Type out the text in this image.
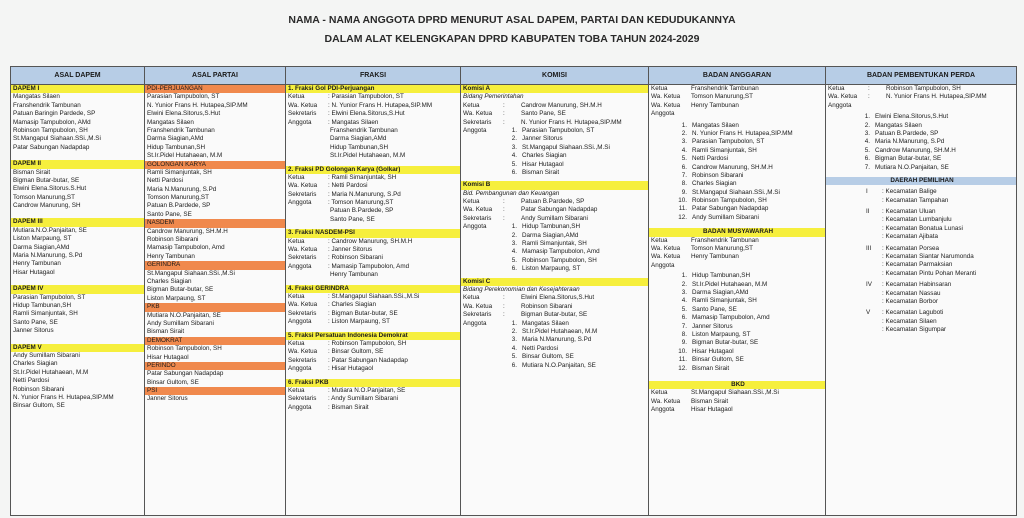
NAMA - NAMA ANGGOTA DPRD MENURUT ASAL DAPEM, PARTAI DAN KEDUDUKANNYA
DALAM ALAT KELENGKAPAN DPRD KABUPATEN TOBA TAHUN 2024-2029
ASAL DAPEM
DAPEM I
Mangatas Silaen
Franshendrik Tambunan
Patuan Baringin Pardede, SP
Mamasip Tampubolon, AMd
Robinson Tampubolon, SH
St.Mangapul Siahaan.SSi.,M.Si
Patar Sabungan Nadapdap
DAPEM II
Bisman Sirait
Bigman Butar-butar, SE
Elwini Elena.Sitorus.S.Hut
Tomson Manurung,ST
Candrow Manurung, SH
DAPEM III
Mutiara.N.O.Panjaitan, SE
Liston Marpaung, ST
Darma Siagian,AMd
Maria N.Manurung, S.Pd
Henry Tambunan
Hisar Hutagaol
DAPEM IV
Parasian Tampubolon, ST
Hidup Tambunan,SH
Ramli Simanjuntak, SH
Santo Pane, SE
Janner Sitorus
DAPEM V
Andy Sumillam Sibarani
Charles Siagian
St.Ir.Pidel Hutahaean, M.M
Netti Pardosi
Robinson Sibarani
N. Yunior Frans H. Hutapea,SIP.MM
Binsar Gultom, SE
ASAL PARTAI
PDI-PERJUANGAN
Parasian Tampubolon, ST
N. Yunior Frans H. Hutapea,SIP.MM
Elwini Elena.Sitorus,S.Hut
Mangatas Silaen
Franshendrik Tambunan
Darma Siagian,AMd
Hidup Tambunan,SH
St.Ir.Pidel Hutahaean, M.M
GOLONGAN KARYA
Ramli Simanjuntak, SH
Netti Pardosi
Maria N.Manurung, S.Pd
Tomson Manurung,ST
Patuan B.Pardede, SP
Santo Pane, SE
NASDEM
Candrow Manurung, SH.M.H
Robinson Sibarani
Mamasip Tampubolon, Amd
Henry Tambunan
GERINDRA
St.Mangapul Siahaan.SSi.,M.Si
Charles Siagian
Bigman Butar-butar, SE
Liston Marpaung, ST
PKB
Mutiara N.O.Panjaitan, SE
Andy Sumillam Sibarani
Bisman Sirait
DEMOKRAT
Robinson Tampubolon, SH
Hisar Hutagaol
PERINDO
Patar Sabungan Nadapdap
Binsar Gultom, SE
PSI
Janner Sitorus
FRAKSI
1. Fraksi Gol PDI-Perjuangan
Ketua	: Parasian Tampubolon, ST
Wa. Ketua : N. Yunior Frans H. Hutapea,SIP.MM
Sekretaris : Elwini Elena.Sitorus,S.Hut
Anggota	: Mangatas Silaen
Franshendrik Tambunan
Darma Siagian,AMd
Hidup Tambunan,SH
St.Ir.Pidel Hutahaean, M.M
2. Fraksi PD Golongan Karya (Golkar)
Ketua	: Ramli Simanjuntak, SH
Wa. Ketua : Netti Pardosi
Sekretaris : Maria N.Manurung, S.Pd
Anggota	: Tomson Manurung,ST
Patuan B.Pardede, SP
Santo Pane, SE
3. Fraksi NASDEM-PSI
Ketua	: Candrow Manurung, SH.M.H
Wa. Ketua : Janner Sitorus
Sekretaris : Robinson Sibarani
Anggota	: Mamasip Tampubolon, Amd
Henry Tambunan
4. Fraksi GERINDRA
Ketua	: St.Mangapul Siahaan.SSi.,M.Si
Wa. Ketua : Charles Siagian
Sekretaris : Bigman Butar-butar, SE
Anggota	: Liston Marpaung, ST
5. Fraksi Persatuan Indonesia Demokrat
Ketua	: Robinson Tampubolon, SH
Wa. Ketua : Binsar Gultom, SE
Sekretaris : Patar Sabungan Nadapdap
Anggota	: Hisar Hutagaol
6. Fraksi PKB
Ketua	: Mutiara N.O.Panjaitan, SE
Sekretaris : Andy Sumillam Sibarani
Anggota	: Bisman Sirait
KOMISI
Komisi A
Bidang Pemerintahan
Ketua	:	Candrow Manurung, SH.M.H
Wa. Ketua :	Santo Pane, SE
Sekretaris :	N. Yunior Frans H. Hutapea,SIP.MM
Anggota	1. Parasian Tampubolon, ST
2. Janner Sitorus
3. St.Mangapul Siahaan.SSi.,M.Si
4. Charles Siagian
5. Hisar Hutagaol
6. Bisman Sirait
Komisi B
Bid. Pembangunan dan Keuangan
Ketua	:	Patuan B.Pardede, SP
Wa. Ketua :	Patar Sabungan Nadapdap
Sekretaris :	Andy Sumillam Sibarani
Anggota	1. Hidup Tambunan,SH
2. Darma Siagian,AMd
3. Ramli Simanjuntak, SH
4. Mamasip Tampubolon, Amd
5. Robinson Tampubolon, SH
6. Liston Marpaung, ST
Komisi C
Bidang Perekonomian dan Kesejahteraan
Ketua	:	Elwini Elena.Sitorus,S.Hut
Wa. Ketua :	Robinson Sibarani
Sekretaris :	Bigman Butar-butar, SE
Anggota	1. Mangatas Silaen
2. St.Ir.Pidel Hutahaean, M.M
3. Maria N.Manurung, S.Pd
4. Netti Pardosi
5. Binsar Gultom, SE
6. Mutiara N.O.Panjaitan, SE
BADAN ANGGARAN
Ketua	Franshendrik Tambunan
Wa. Ketua Tomson Manurung,ST
Wa. Ketua Henry Tambunan
Anggota
1. Mangatas Silaen
2. N. Yunior Frans H. Hutapea,SIP.MM
3. Parasian Tampubolon, ST
4. Ramli Simanjuntak, SH
5. Netti Pardosi
6. Candrow Manurung, SH.M.H
7. Robinson Sibarani
8. Charles Siagian
9. St.Mangapul Siahaan.SSi.,M.Si
10. Robinson Tampubolon, SH
11. Patar Sabungan Nadapdap
12. Andy Sumillam Sibarani
BADAN MUSYAWARAH
Ketua	Franshendrik Tambunan
Wa. Ketua Tomson Manurung,ST
Wa. Ketua Henry Tambunan
Anggota
1. Hidup Tambunan,SH
2. St.Ir.Pidel Hutahaean, M.M
3. Darma Siagian,AMd
4. Ramli Simanjuntak, SH
5. Santo Pane, SE
6. Mamasip Tampubolon, Amd
7. Janner Sitorus
8. Liston Marpaung, ST
9. Bigman Butar-butar, SE
10. Hisar Hutagaol
11. Binsar Gultom, SE
12. Bisman Sirait
BKD
Ketua	St.Mangapul Siahaan.SSi.,M.Si
Wa. Ketua Bisman Sirait
Anggota	Hisar Hutagaol
BADAN PEMBENTUKAN PERDA
Ketua	:	Robinson Tampubolon, SH
Wa. Ketua :	N. Yunior Frans H. Hutapea,SIP.MM
Anggota
1. Elwini Elena.Sitorus,S.Hut
2. Mangatas Silaen
3. Patuan B.Pardede, SP
4. Maria N.Manurung, S.Pd
5. Candrow Manurung, SH.M.H
6. Bigman Butar-butar, SE
7. Mutiara N.O.Panjaitan, SE
DAERAH PEMILIHAN
I : Kecamatan Balige
: Kecamatan Tampahan
II : Kecamatan Uluan
: Kecamatan Lumbanjulu
: Kecamatan Bonatua Lunasi
: Kecamatan Ajibata
III : Kecamatan Porsea
: Kecamatan Siantar Narumonda
: Kecamatan Parmaksian
: Kecamatan Pintu Pohan Meranti
IV : Kecamatan Habinsaran
: Kecamatan Nassau
: Kecamatan Borbor
V : Kecamatan Laguboti
: Kecamatan Silaen
: Kecamatan Sigumpar
